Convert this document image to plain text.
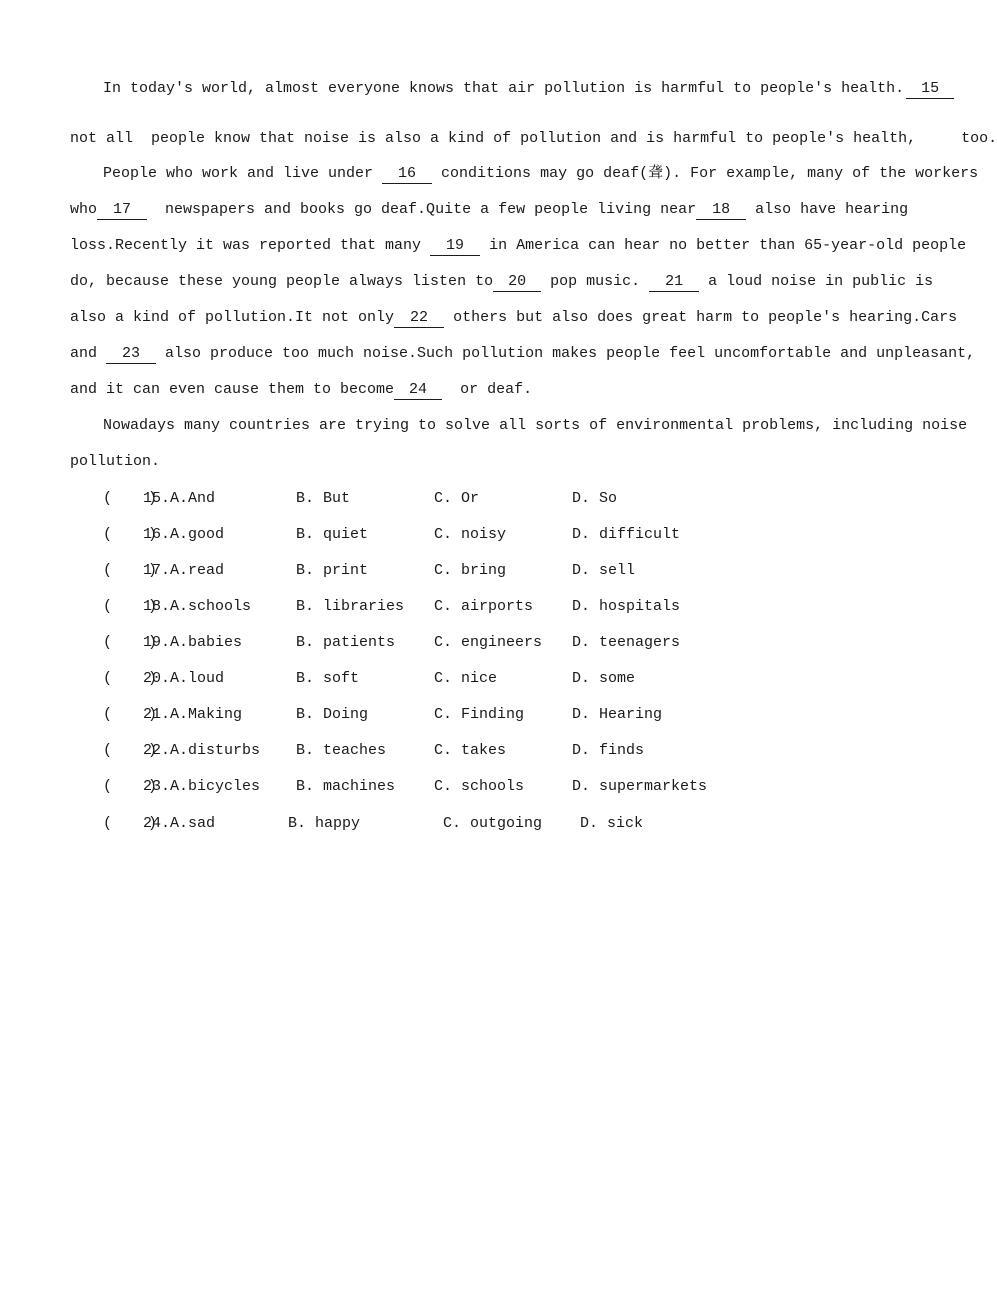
In today's world, almost everyone knows that air pollution is harmful to people's health. 15
not all  people know that noise is also a kind of pollution and is harmful to people's health,     too.
People who work and live under 16 conditions may go deaf(聋). For example, many of the workers
who 17  newspapers and books go deaf.Quite a few people living near 18 also have hearing
loss.Recently it was reported that many 19 in America can hear no better than 65-year-old people
do, because these young people always listen to 20 pop music. 21 a loud noise in public is
also a kind of pollution.It not only 22 others but also does great harm to people's hearing.Cars
and 23 also produce too much noise.Such pollution makes people feel uncomfortable and unpleasant,
and it can even cause them to become 24  or deaf.
Nowadays many countries are trying to solve all sorts of environmental problems, including noise
pollution.

(    )

15.A.And

	B. But

	C. Or

	D. So

(    )

16.A.good

	B. quiet

	C. noisy

	D. difficult

(    )

17.A.read

	B. print

	C. bring

	D. sell

(    )

18.A.schools

	B. libraries

C. airports

	D. hospitals

(    )

19.A.babies

	B. patients

	C. engineers

D. teenagers

(    )

20.A.loud

	B. soft

	C. nice

	D. some

(    )

21.A.Making

	B. Doing

	C. Finding

	D. Hearing

(    )

22.A.disturbs

B. teaches

	C. takes

	D. finds

(    )

23.A.bicycles

B. machines

	C. schools

	D. supermarkets

(    )

24.A.sad

	B. happy

	C. outgoing

	D. sick
